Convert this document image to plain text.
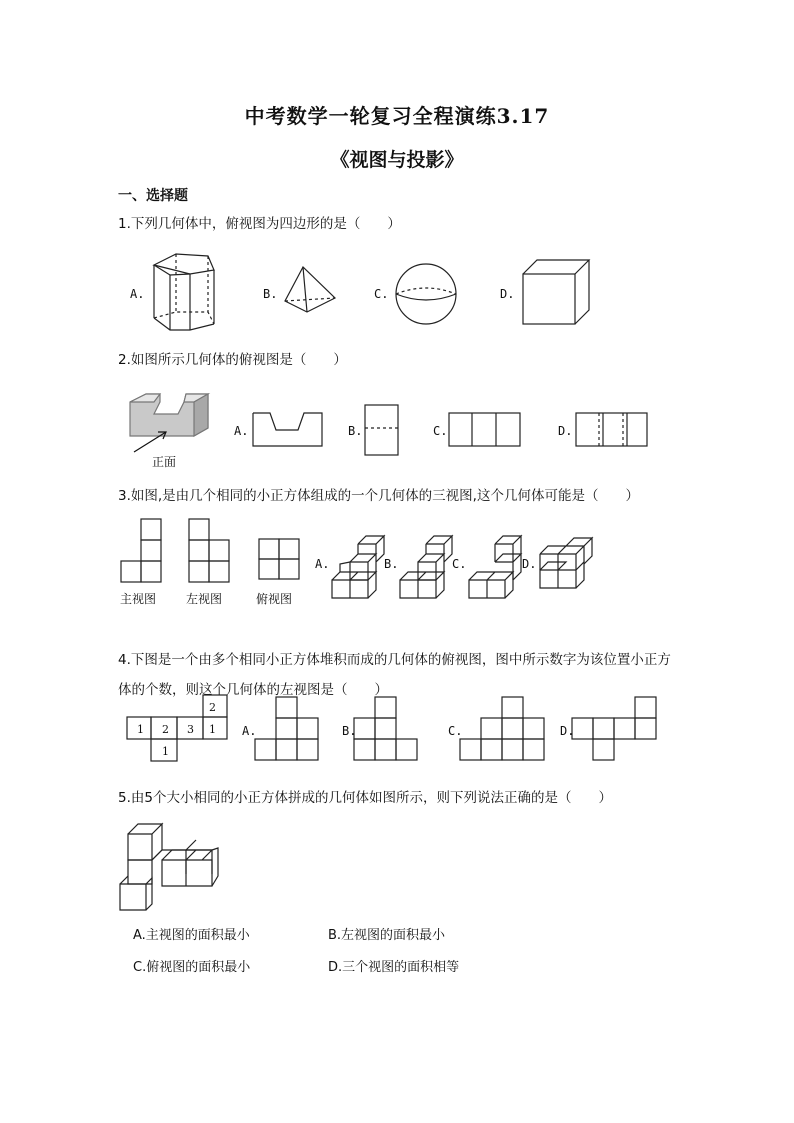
中考数学一轮复习全程演练3.17
《视图与投影》
一、选择题
1.下列几何体中，俯视图为四边形的是（　　）
A.	B.	C.	D.
2.如图所示几何体的俯视图是（　　）
正面
A.	B.	C.	D.
3.如图,是由几个相同的小正方体组成的一个几何体的三视图,这个几何体可能是（　　）
主视图 左视图	俯视图
A.	B.	C.	D.
4.下图是一个由多个相同小正方体堆积而成的几何体的俯视图，图中所示数字为该位置小正方
体的个数，则这个几何体的左视图是（　　）
2
1 2 3 1
1
A.	B.	C.	D.
5.由5个大小相同的小正方体拼成的几何体如图所示，则下列说法正确的是（　　）
A.主视图的面积最小	B.左视图的面积最小
C.俯视图的面积最小	D.三个视图的面积相等
